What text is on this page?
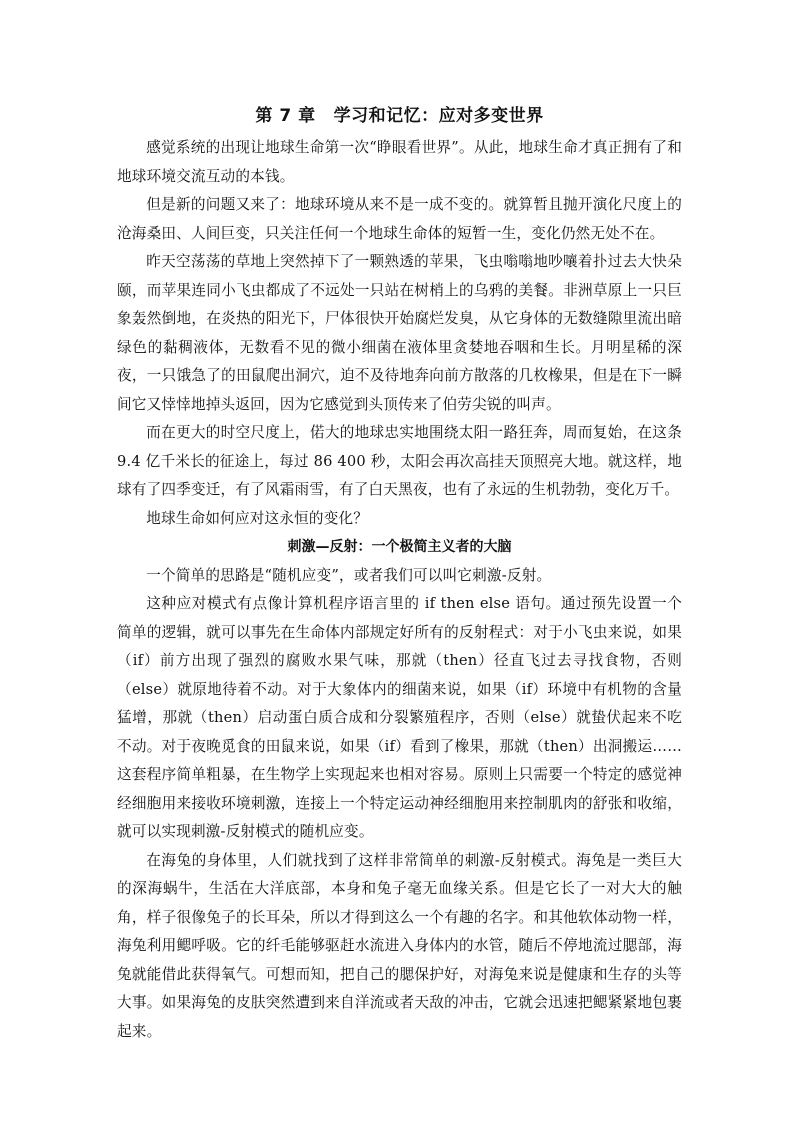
第 7 章 学习和记忆：应对多变世界

感觉系统的出现让地球生命第一次“睁眼看世界”。从此，地球生命才真正拥有了和地球环境交流互动的本钱。

但是新的问题又来了：地球环境从来不是一成不变的。就算暂且抛开演化尺度上的沧海桑田、人间巨变，只关注任何一个地球生命体的短暂一生，变化仍然无处不在。

昨天空荡荡的草地上突然掉下了一颗熟透的苹果，飞虫嗡嗡地吵嚷着扑过去大快朵颐，而苹果连同小飞虫都成了不远处一只站在树梢上的乌鸦的美餐。非洲草原上一只巨象轰然倒地，在炎热的阳光下，尸体很快开始腐烂发臭，从它身体的无数缝隙里流出暗绿色的黏稠液体，无数看不见的微小细菌在液体里贪婪地吞咽和生长。月明星稀的深夜，一只饿急了的田鼠爬出洞穴，迫不及待地奔向前方散落的几枚橡果，但是在下一瞬间它又悻悻地掉头返回，因为它感觉到头顶传来了伯劳尖锐的叫声。

而在更大的时空尺度上，偌大的地球忠实地围绕太阳一路狂奔，周而复始，在这条 9.4 亿千米长的征途上，每过 86 400 秒，太阳会再次高挂天顶照亮大地。就这样，地球有了四季变迁，有了风霜雨雪，有了白天黑夜，也有了永远的生机勃勃，变化万千。

地球生命如何应对这永恒的变化？

刺激—反射：一个极简主义者的大脑

一个简单的思路是“随机应变”，或者我们可以叫它刺激-反射。

这种应对模式有点像计算机程序语言里的 if then else 语句。通过预先设置一个简单的逻辑，就可以事先在生命体内部规定好所有的反射程式：对于小飞虫来说，如果（if）前方出现了强烈的腐败水果气味，那就（then）径直飞过去寻找食物，否则（else）就原地待着不动。对于大象体内的细菌来说，如果（if）环境中有机物的含量猛增，那就（then）启动蛋白质合成和分裂繁殖程序，否则（else）就蛰伏起来不吃不动。对于夜晚觅食的田鼠来说，如果（if）看到了橡果，那就（then）出洞搬运……这套程序简单粗暴，在生物学上实现起来也相对容易。原则上只需要一个特定的感觉神经细胞用来接收环境刺激，连接上一个特定运动神经细胞用来控制肌肉的舒张和收缩，就可以实现刺激-反射模式的随机应变。

在海兔的身体里，人们就找到了这样非常简单的刺激-反射模式。海兔是一类巨大的深海蜗牛，生活在大洋底部，本身和兔子毫无血缘关系。但是它长了一对大大的触角，样子很像兔子的长耳朵，所以才得到这么一个有趣的名字。和其他软体动物一样，海兔利用鳃呼吸。它的纤毛能够驱赶水流进入身体内的水管，随后不停地流过腮部，海兔就能借此获得氧气。可想而知，把自己的腮保护好，对海兔来说是健康和生存的头等大事。如果海兔的皮肤突然遭到来自洋流或者天敌的冲击，它就会迅速把鳃紧紧地包裹起来。
